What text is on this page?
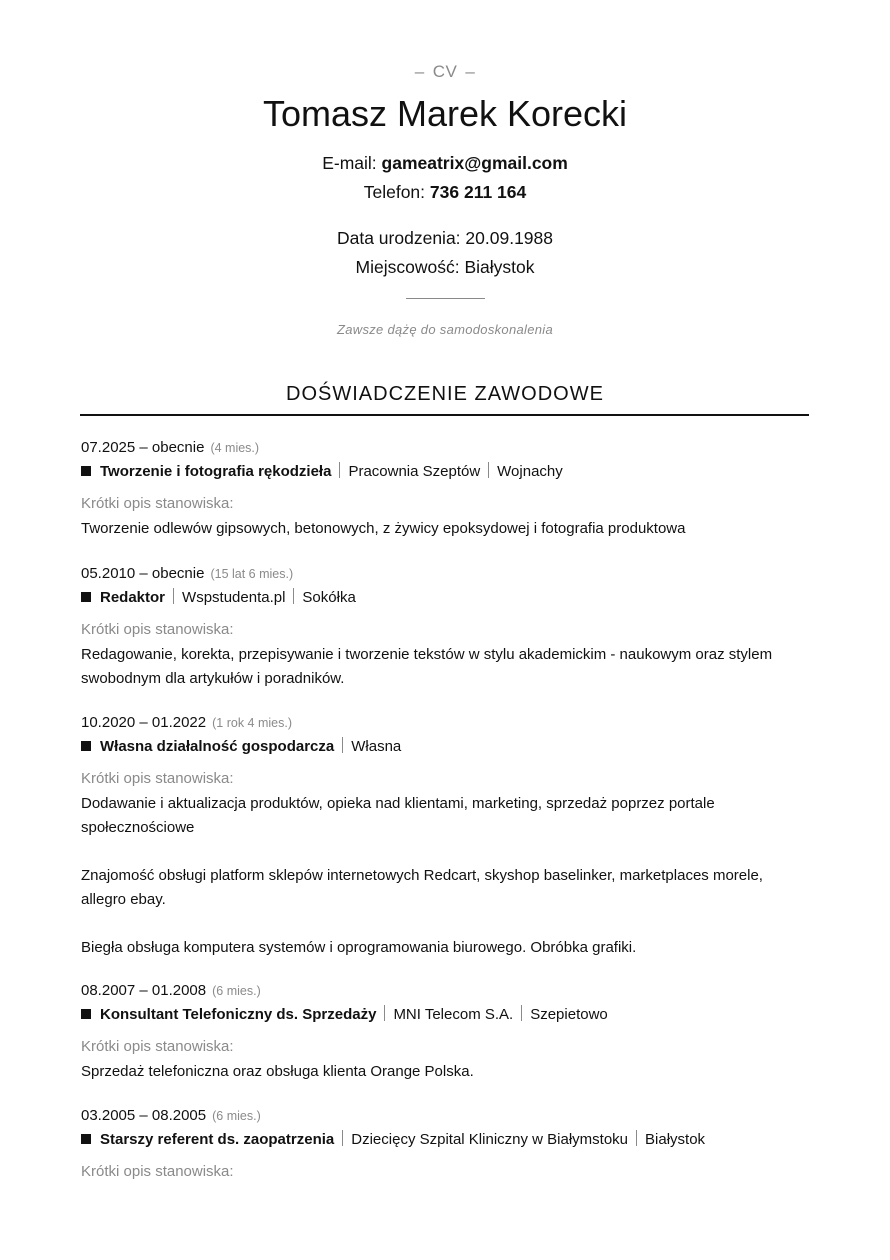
– CV –
Tomasz Marek Korecki
E-mail: gameatrix@gmail.com
Telefon: 736 211 164
Data urodzenia: 20.09.1988
Miejscowość: Białystok
Zawsze dążę do samodoskonalenia
DOŚWIADCZENIE ZAWODOWE
07.2025 – obecnie (4 mies.)
Tworzenie i fotografia rękodzieła Pracownia Szeptów Wojnachy
Krótki opis stanowiska:

Tworzenie odlewów gipsowych, betonowych, z żywicy epoksydowej i fotografia produktowa

05.2010 – obecnie (15 lat 6 mies.)
Redaktor Wspstudenta.pl Sokółka
Krótki opis stanowiska:

Redagowanie, korekta, przepisywanie i tworzenie tekstów w stylu akademickim - naukowym oraz stylem swobodnym dla artykułów i poradników.

10.2020 – 01.2022 (1 rok 4 mies.)
Własna działalność gospodarcza Własna
Krótki opis stanowiska:

Dodawanie i aktualizacja produktów, opieka nad klientami, marketing, sprzedaż poprzez portale społecznościowe

Znajomość obsługi platform sklepów internetowych Redcart, skyshop baselinker, marketplaces morele, allegro ebay.

Biegła obsługa komputera systemów i oprogramowania biurowego. Obróbka grafiki.

08.2007 – 01.2008 (6 mies.)
Konsultant Telefoniczny ds. Sprzedaży MNI Telecom S.A. Szepietowo
Krótki opis stanowiska:

Sprzedaż telefoniczna oraz obsługa klienta Orange Polska.

03.2005 – 08.2005 (6 mies.)
Starszy referent ds. zaopatrzenia Dziecięcy Szpital Kliniczny w Białymstoku Białystok
Krótki opis stanowiska:
